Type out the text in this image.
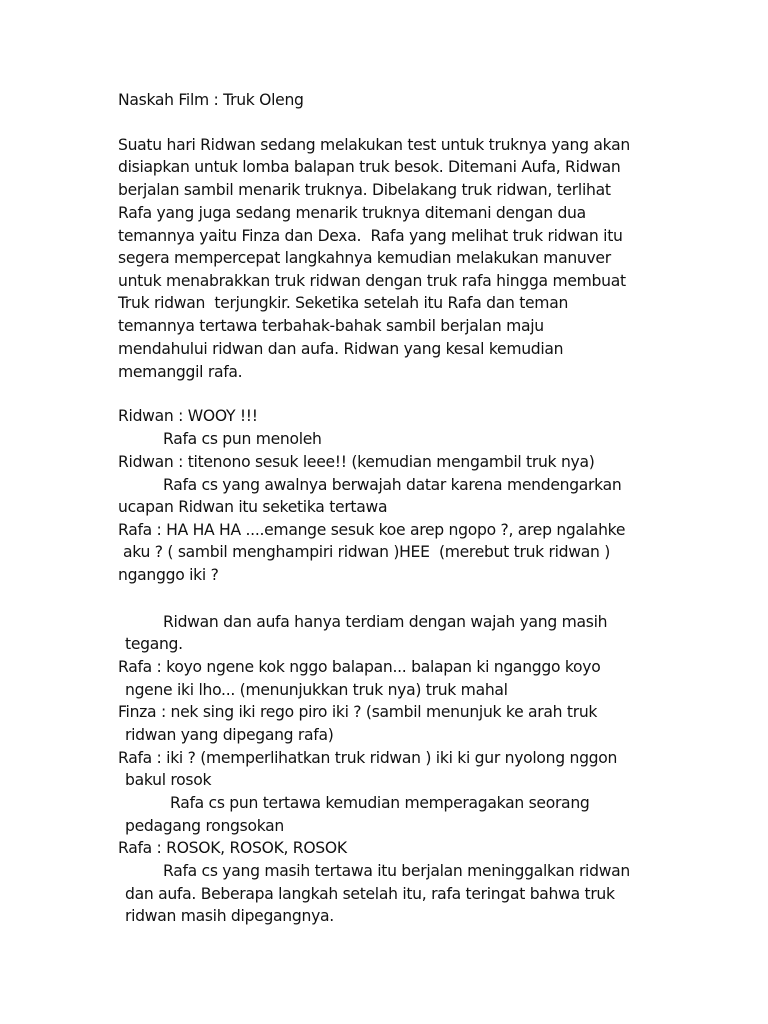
Naskah Film : Truk Oleng
Suatu hari Ridwan sedang melakukan test untuk truknya yang akan
disiapkan untuk lomba balapan truk besok. Ditemani Aufa, Ridwan
berjalan sambil menarik truknya. Dibelakang truk ridwan, terlihat
Rafa yang juga sedang menarik truknya ditemani dengan dua
temannya yaitu Finza dan Dexa.  Rafa yang melihat truk ridwan itu
segera mempercepat langkahnya kemudian melakukan manuver
untuk menabrakkan truk ridwan dengan truk rafa hingga membuat
Truk ridwan  terjungkir. Seketika setelah itu Rafa dan teman
temannya tertawa terbahak-bahak sambil berjalan maju
mendahului ridwan dan aufa. Ridwan yang kesal kemudian
memanggil rafa.
Ridwan : WOOY !!!
Rafa cs pun menoleh
Ridwan : titenono sesuk leee!! (kemudian mengambil truk nya)
Rafa cs yang awalnya berwajah datar karena mendengarkan
ucapan Ridwan itu seketika tertawa
Rafa : HA HA HA ....emange sesuk koe arep ngopo ?, arep ngalahke
aku ? ( sambil menghampiri ridwan )HEE  (merebut truk ridwan )
nganggo iki ?
Ridwan dan aufa hanya terdiam dengan wajah yang masih
tegang.
Rafa : koyo ngene kok nggo balapan... balapan ki nganggo koyo
ngene iki lho... (menunjukkan truk nya) truk mahal
Finza : nek sing iki rego piro iki ? (sambil menunjuk ke arah truk
ridwan yang dipegang rafa)
Rafa : iki ? (memperlihatkan truk ridwan ) iki ki gur nyolong nggon
bakul rosok
Rafa cs pun tertawa kemudian memperagakan seorang
pedagang rongsokan
Rafa : ROSOK, ROSOK, ROSOK
Rafa cs yang masih tertawa itu berjalan meninggalkan ridwan
dan aufa. Beberapa langkah setelah itu, rafa teringat bahwa truk
ridwan masih dipegangnya.
